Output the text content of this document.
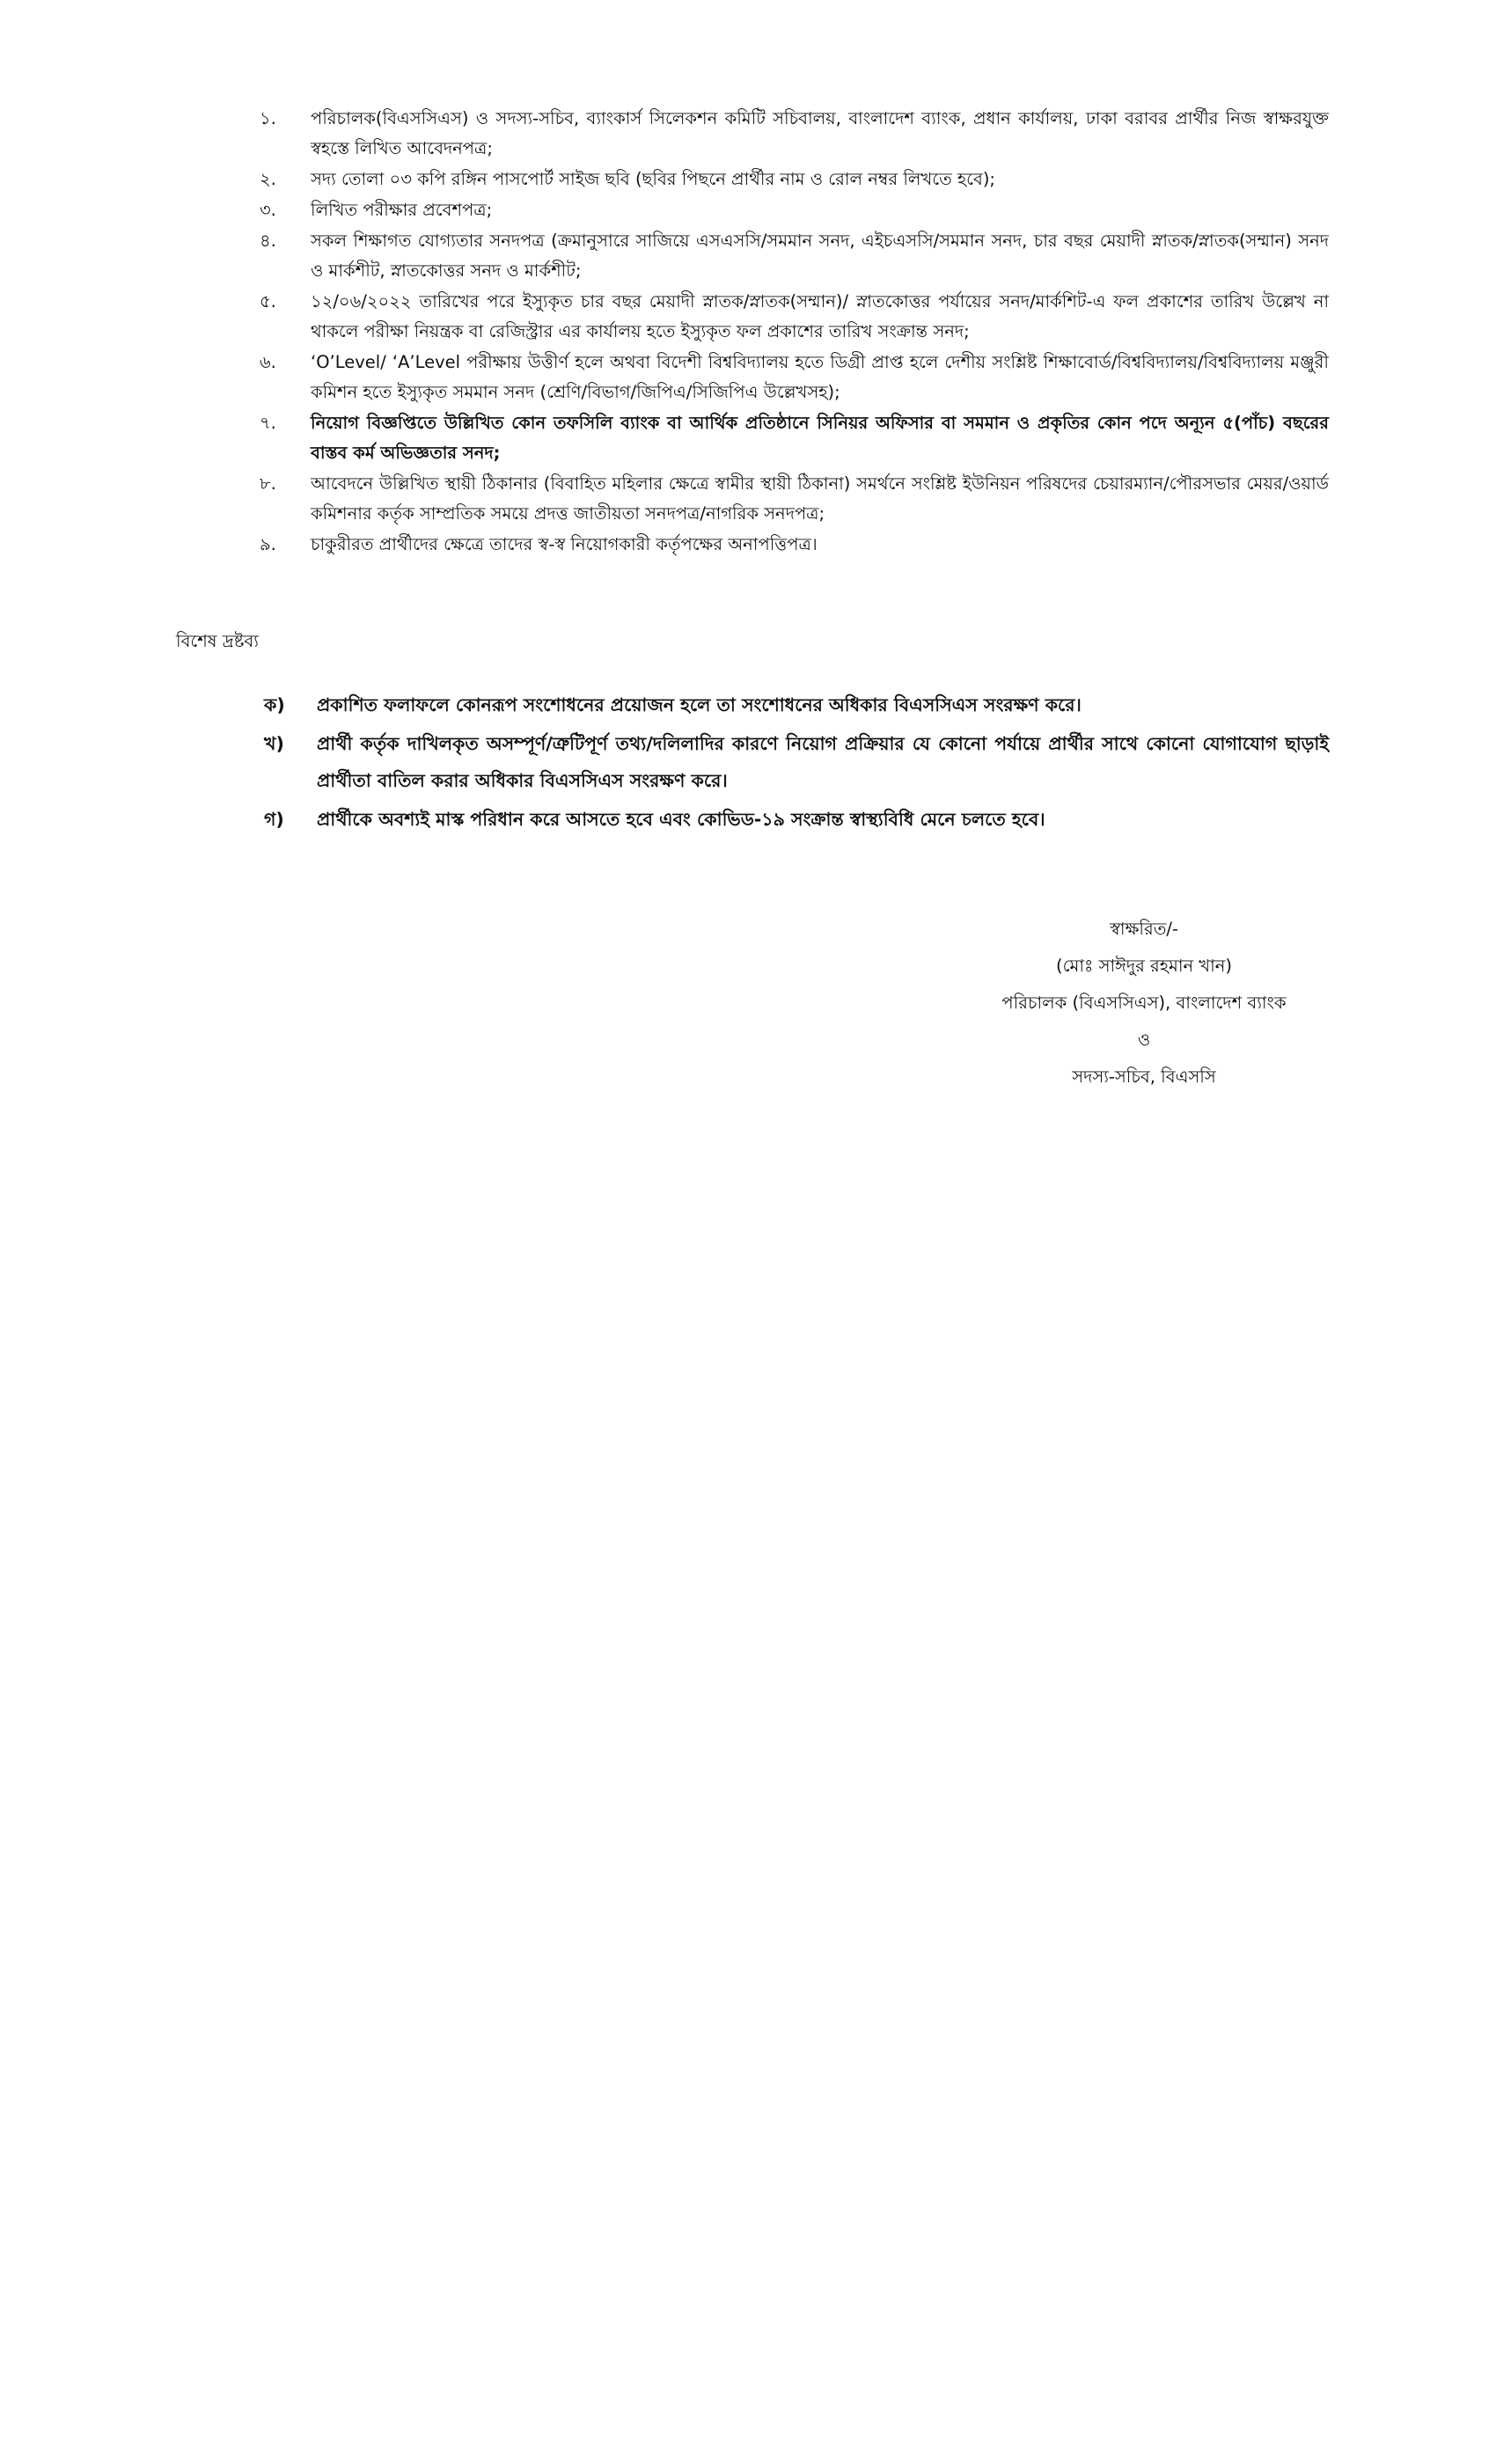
১.	পরিচালক(বিএসসিএস) ও সদস্য-সচিব, ব্যাংকার্স সিলেকশন কমিটি সচিবালয়, বাংলাদেশ ব্যাংক, প্রধান কার্যালয়, ঢাকা বরাবর প্রার্থীর নিজ স্বাক্ষরযুক্ত স্বহস্তে লিখিত আবেদনপত্র;
২.	সদ্য তোলা ০৩ কপি রঙ্গিন পাসপোর্ট সাইজ ছবি (ছবির পিছনে প্রার্থীর নাম ও রোল নম্বর লিখতে হবে);
৩.	লিখিত পরীক্ষার প্রবেশপত্র;
৪.	সকল শিক্ষাগত যোগ্যতার সনদপত্র (ক্রমানুসারে সাজিয়ে এসএসসি/সমমান সনদ, এইচএসসি/সমমান সনদ, চার বছর মেয়াদী স্নাতক/স্নাতক(সম্মান) সনদ ও মার্কশীট, স্নাতকোত্তর সনদ ও মার্কশীট;
৫.	১২/০৬/২০২২ তারিখের পরে ইস্যুকৃত চার বছর মেয়াদী স্নাতক/স্নাতক(সম্মান)/ স্নাতকোত্তর পর্যায়ের সনদ/মার্কশিট-এ ফল প্রকাশের তারিখ উল্লেখ না থাকলে পরীক্ষা নিয়ন্ত্রক বা রেজিস্ট্রার এর কার্যালয় হতে ইস্যুকৃত ফল প্রকাশের তারিখ সংক্রান্ত সনদ;
৬.	‘O’Level/ ‘A’Level পরীক্ষায় উত্তীর্ণ হলে অথবা বিদেশী বিশ্ববিদ্যালয় হতে ডিগ্রী প্রাপ্ত হলে দেশীয় সংশ্লিষ্ট শিক্ষাবোর্ড/বিশ্ববিদ্যালয়/বিশ্ববিদ্যালয় মঞ্জুরী কমিশন হতে ইস্যুকৃত সমমান সনদ (শ্রেণি/বিভাগ/জিপিএ/সিজিপিএ উল্লেখসহ);
৭.	নিয়োগ বিজ্ঞপ্তিতে উল্লিখিত কোন তফসিলি ব্যাংক বা আর্থিক প্রতিষ্ঠানে সিনিয়র অফিসার বা সমমান ও প্রকৃতির কোন পদে অন্যূন ৫(পাঁচ) বছরের বাস্তব কর্ম অভিজ্ঞতার সনদ;
৮.	আবেদনে উল্লিখিত স্থায়ী ঠিকানার (বিবাহিত মহিলার ক্ষেত্রে স্বামীর স্থায়ী ঠিকানা) সমর্থনে সংশ্লিষ্ট ইউনিয়ন পরিষদের চেয়ারম্যান/পৌরসভার মেয়র/ওয়ার্ড কমিশনার কর্তৃক সাম্প্রতিক সময়ে প্রদত্ত জাতীয়তা সনদপত্র/নাগরিক সনদপত্র;
৯.	চাকুরীরত প্রার্থীদের ক্ষেত্রে তাদের স্ব-স্ব নিয়োগকারী কর্তৃপক্ষের অনাপত্তিপত্র।
বিশেষ দ্রষ্টব্য
ক)	প্রকাশিত ফলাফলে কোনরূপ সংশোধনের প্রয়োজন হলে তা সংশোধনের অধিকার বিএসসিএস সংরক্ষণ করে।
খ)	প্রার্থী কর্তৃক দাখিলকৃত অসম্পূর্ণ/ত্রুটিপূর্ণ তথ্য/দলিলাদির কারণে নিয়োগ প্রক্রিয়ার যে কোনো পর্যায়ে প্রার্থীর সাথে কোনো যোগাযোগ ছাড়াই প্রার্থীতা বাতিল করার অধিকার বিএসসিএস সংরক্ষণ করে।
গ)	প্রার্থীকে অবশ্যই মাস্ক পরিধান করে আসতে হবে এবং কোভিড-১৯ সংক্রান্ত স্বাস্থ্যবিধি মেনে চলতে হবে।
স্বাক্ষরিত/-
(মোঃ সাঈদুর রহমান খান)
পরিচালক (বিএসসিএস), বাংলাদেশ ব্যাংক
ও
সদস্য-সচিব, বিএসসি
